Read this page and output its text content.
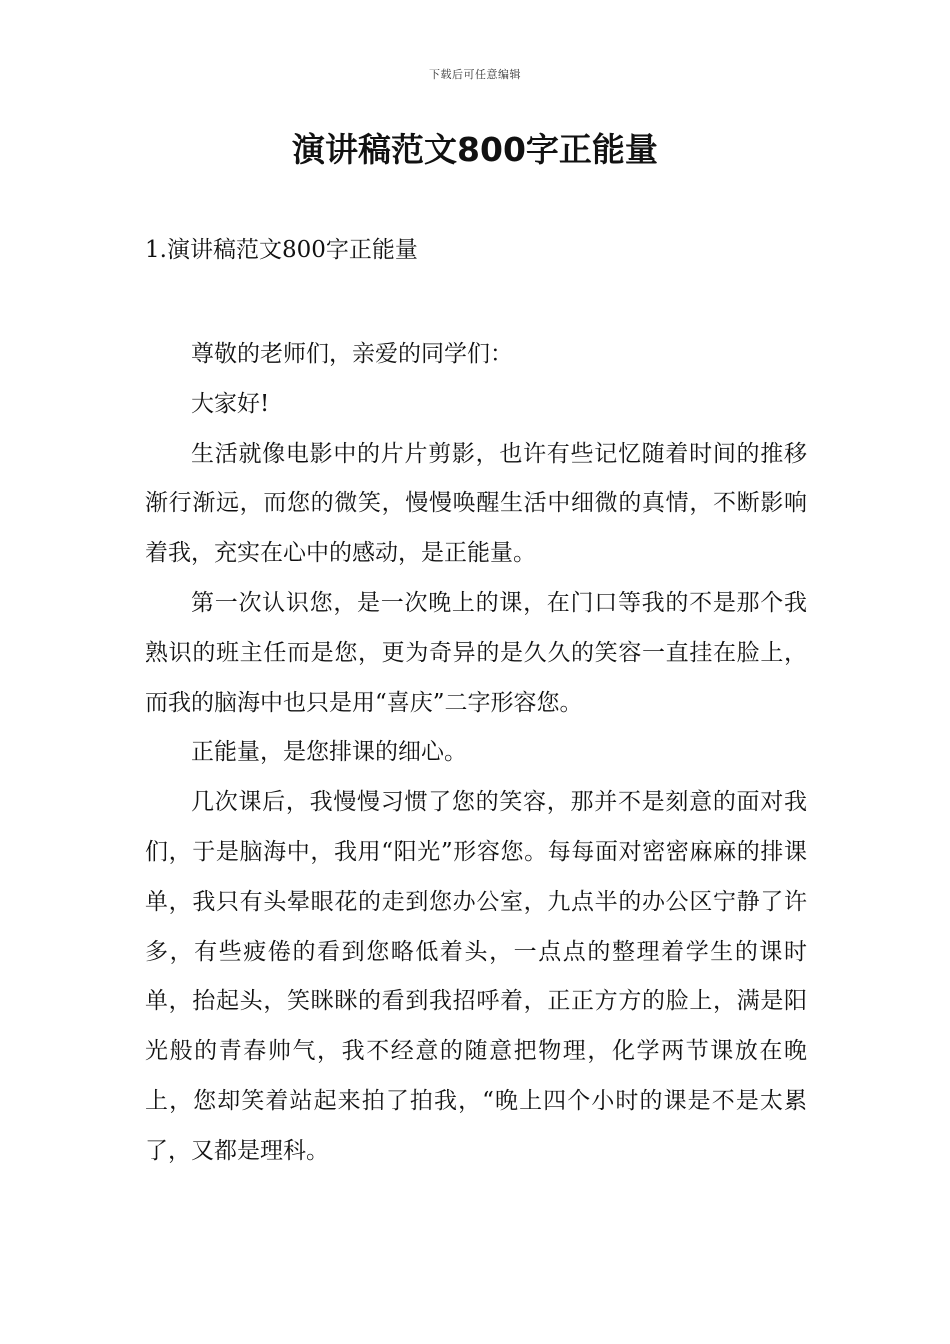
下载后可任意编辑
演讲稿范文800字正能量
1.演讲稿范文800字正能量

尊敬的老师们，亲爱的同学们：

大家好!

生活就像电影中的片片剪影，也许有些记忆随着时间的推移渐行渐远，而您的微笑，慢慢唤醒生活中细微的真情，不断影响着我，充实在心中的感动，是正能量。

第一次认识您，是一次晚上的课，在门口等我的不是那个我熟识的班主任而是您，更为奇异的是久久的笑容一直挂在脸上，而我的脑海中也只是用“喜庆”二字形容您。

正能量，是您排课的细心。

几次课后，我慢慢习惯了您的笑容，那并不是刻意的面对我们，于是脑海中，我用“阳光”形容您。每每面对密密麻麻的排课单，我只有头晕眼花的走到您办公室，九点半的办公区宁静了许多，有些疲倦的看到您略低着头，一点点的整理着学生的课时单，抬起头，笑眯眯的看到我招呼着，正正方方的脸上，满是阳光般的青春帅气，我不经意的随意把物理，化学两节课放在晚上，您却笑着站起来拍了拍我，“晚上四个小时的课是不是太累了，又都是理科。
